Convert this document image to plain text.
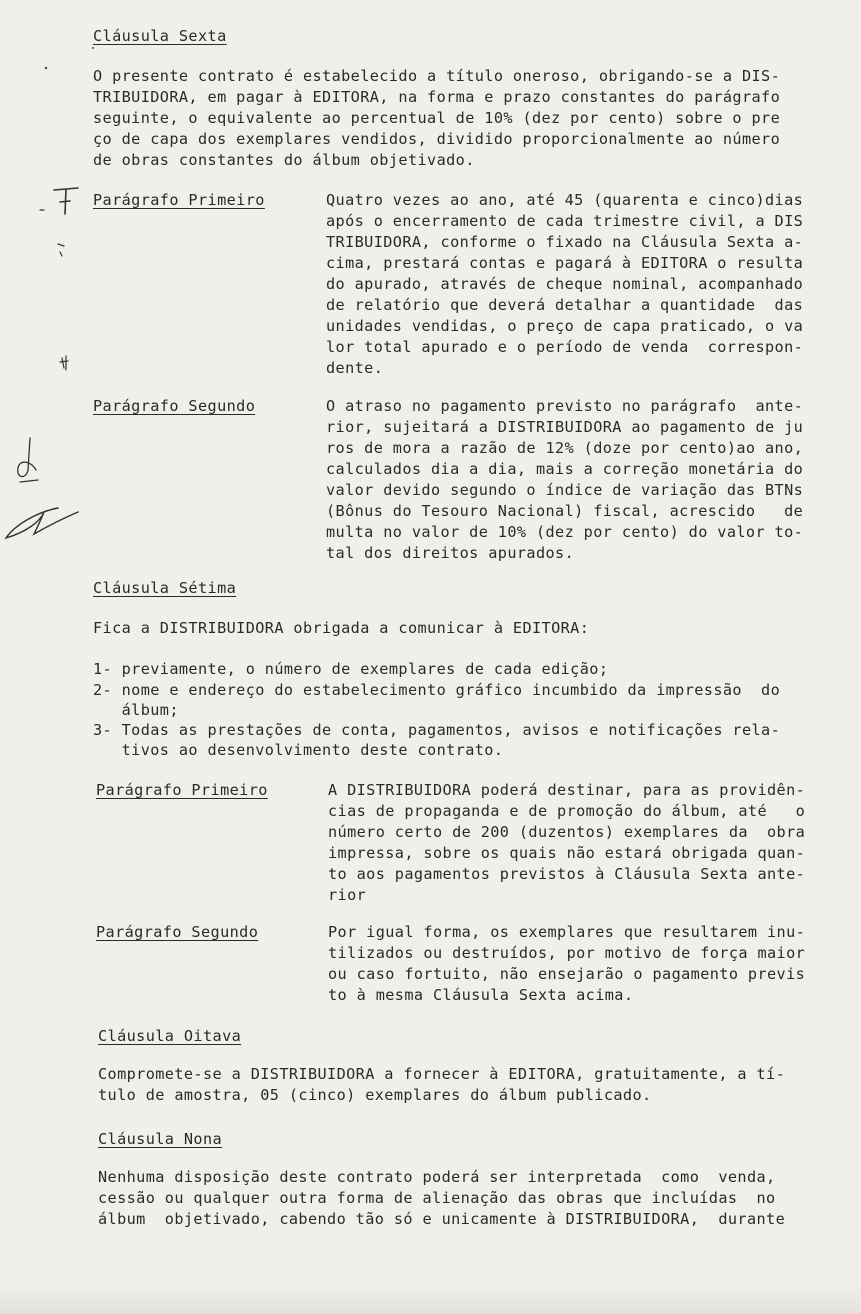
Cláusula Sexta
O presente contrato é estabelecido a título oneroso, obrigando-se a DIS-
TRIBUIDORA, em pagar à EDITORA, na forma e prazo constantes do parágrafo
seguinte, o equivalente ao percentual de 10% (dez por cento) sobre o pre
ço de capa dos exemplares vendidos, dividido proporcionalmente ao número
de obras constantes do álbum objetivado.
Parágrafo Primeiro	Quatro vezes ao ano, até 45 (quarenta e cinco)dias
após o encerramento de cada trimestre civil, a DIS
TRIBUIDORA, conforme o fixado na Cláusula Sexta a-
cima, prestará contas e pagará à EDITORA o resulta
do apurado, através de cheque nominal, acompanhado
de relatório que deverá detalhar a quantidade  das
unidades vendidas, o preço de capa praticado, o va
lor total apurado e o período de venda  correspon-
dente.
Parágrafo Segundo	O atraso no pagamento previsto no parágrafo  ante-
rior, sujeitará a DISTRIBUIDORA ao pagamento de ju
ros de mora a razão de 12% (doze por cento)ao ano,
calculados dia a dia, mais a correção monetária do
valor devido segundo o índice de variação das BTNs
(Bônus do Tesouro Nacional) fiscal, acrescido   de
multa no valor de 10% (dez por cento) do valor to-
tal dos direitos apurados.
Cláusula Sétima
Fica a DISTRIBUIDORA obrigada a comunicar à EDITORA:
1- previamente, o número de exemplares de cada edição;
2- nome e endereço do estabelecimento gráfico incumbido da impressão  do
álbum;
3- Todas as prestações de conta, pagamentos, avisos e notificações rela-
tivos ao desenvolvimento deste contrato.
Parágrafo Primeiro	A DISTRIBUIDORA poderá destinar, para as providên-
cias de propaganda e de promoção do álbum, até   o
número certo de 200 (duzentos) exemplares da  obra
impressa, sobre os quais não estará obrigada quan-
to aos pagamentos previstos à Cláusula Sexta ante-
rior
Parágrafo Segundo	Por igual forma, os exemplares que resultarem inu-
tilizados ou destruídos, por motivo de força maior
ou caso fortuito, não ensejarão o pagamento previs
to à mesma Cláusula Sexta acima.
Cláusula Oitava
Compromete-se a DISTRIBUIDORA a fornecer à EDITORA, gratuitamente, a tí-
tulo de amostra, 05 (cinco) exemplares do álbum publicado.
Cláusula Nona
Nenhuma disposição deste contrato poderá ser interpretada  como  venda,
cessão ou qualquer outra forma de alienação das obras que incluídas  no
álbum  objetivado, cabendo tão só e unicamente à DISTRIBUIDORA,  durante
